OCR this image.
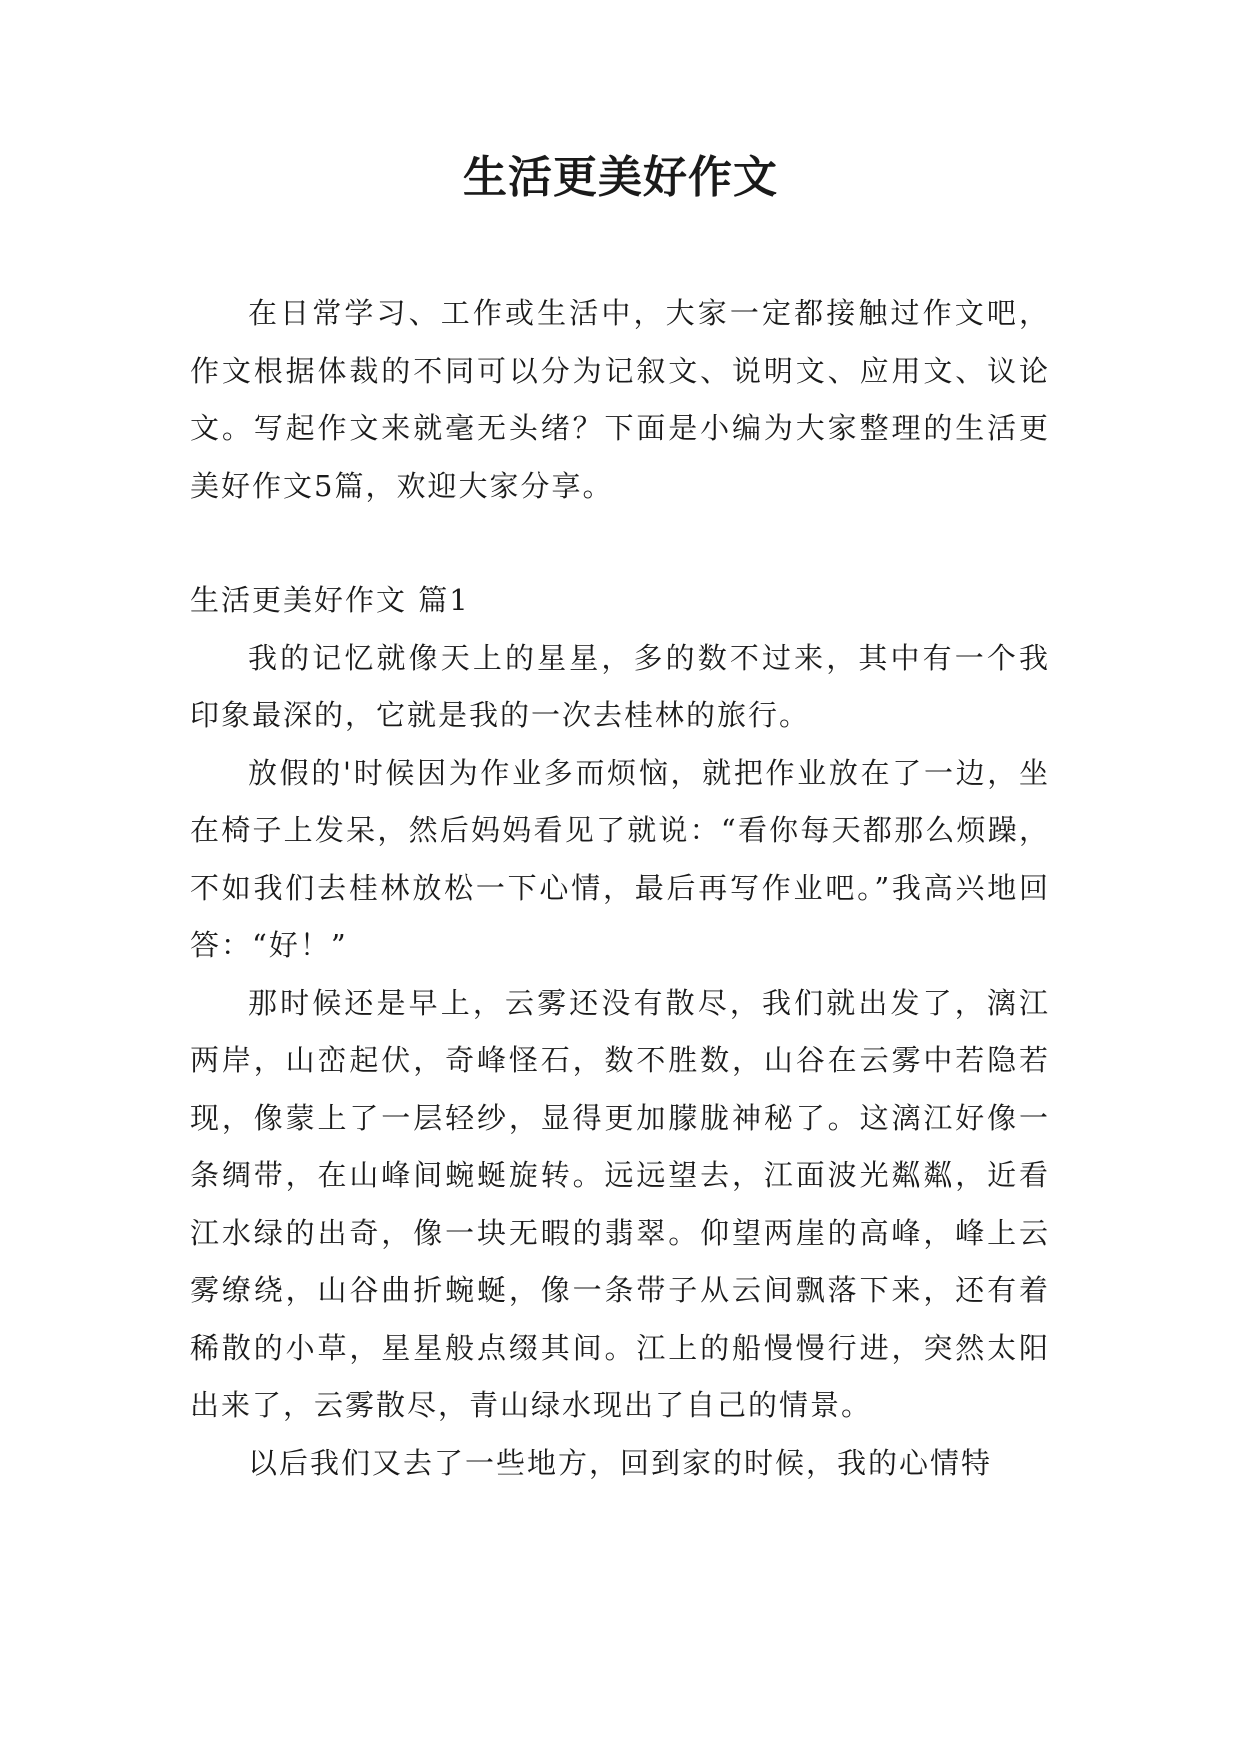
生活更美好作文

在日常学习、工作或生活中，大家一定都接触过作文吧，作文根据体裁的不同可以分为记叙文、说明文、应用文、议论文。写起作文来就毫无头绪？下面是小编为大家整理的生活更美好作文5篇，欢迎大家分享。

生活更美好作文 篇1

我的记忆就像天上的星星，多的数不过来，其中有一个我印象最深的，它就是我的一次去桂林的旅行。

放假的'时候因为作业多而烦恼，就把作业放在了一边，坐在椅子上发呆，然后妈妈看见了就说：“看你每天都那么烦躁，不如我们去桂林放松一下心情，最后再写作业吧。”我高兴地回答：“好！”

那时候还是早上，云雾还没有散尽，我们就出发了，漓江两岸，山峦起伏，奇峰怪石，数不胜数，山谷在云雾中若隐若现，像蒙上了一层轻纱，显得更加朦胧神秘了。这漓江好像一条绸带，在山峰间蜿蜒旋转。远远望去，江面波光粼粼，近看江水绿的出奇，像一块无暇的翡翠。仰望两崖的高峰，峰上云雾缭绕，山谷曲折蜿蜒，像一条带子从云间飘落下来，还有着稀散的小草，星星般点缀其间。江上的船慢慢行进，突然太阳出来了，云雾散尽，青山绿水现出了自己的情景。

以后我们又去了一些地方，回到家的时候，我的心情特
